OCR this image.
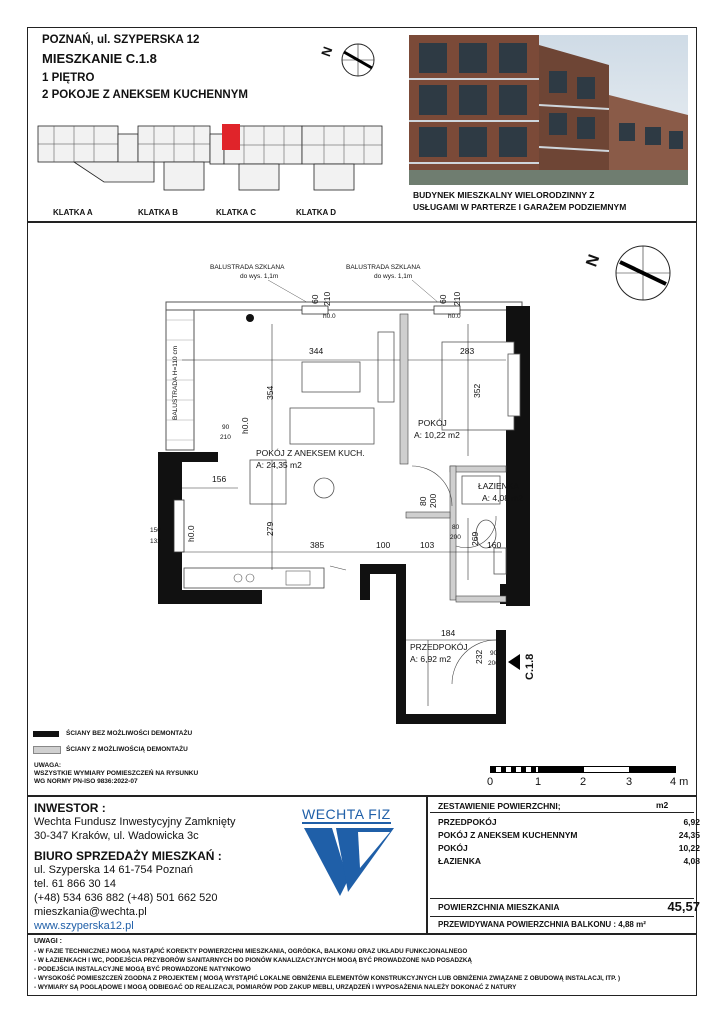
POZNAŃ, ul. SZYPERSKA 12
MIESZKANIE C.1.8
1 PIĘTRO
2 POKOJE Z ANEKSEM KUCHENNYM
N
KLATKA A	KLATKA B	KLATKA C	KLATKA D
BUDYNEK MIESZKALNY WIELORODZINNY Z
USŁUGAMI W PARTERZE I GARAŻEM PODZIEMNYM
N
BALUSTRADA SZKLANA
do wys. 1,1m
BALUSTRADA SZKLANA
do wys. 1,1m
BALUSTRADA H=110 cm
POKÓJ Z ANEKSEM KUCH.
A: 24,35 m2
POKÓJ
A: 10,22 m2
ŁAZIENKA
A: 4,08 m2
PRZEDPOKÓJ
A: 6,92 m2
344	283
354	352
156
279
385	100	103	160
269
184
232
60 210	60 210
h0.0	h0.0
90
210
h0.0
80 200
80
200
90
200
150
132	h0.0
C.1.8
ŚCIANY BEZ MOŻLIWOŚCI DEMONTAŻU
ŚCIANY Z MOŻLIWOŚCIĄ DEMONTAŻU
UWAGA:
WSZYSTKIE WYMIARY POMIESZCZEŃ NA RYSUNKU
WG NORMY PN-ISO 9836:2022-07	0	1	2	3	4 m
INWESTOR :
Wechta Fundusz Inwestycyjny Zamknięty
30-347 Kraków, ul. Wadowicka 3c
BIURO SPRZEDAŻY MIESZKAŃ :
ul. Szyperska 14 61-754 Poznań
tel. 61 866 30 14
(+48) 534 636 882 (+48) 501 662 520
mieszkania@wechta.pl
www.szyperska12.pl
WECHTA FIZ	ZESTAWIENIE POWIERZCHNI;	m2
PRZEDPOKÓJ	6,92
POKÓJ Z ANEKSEM KUCHENNYM	24,35
POKÓJ	10,22
ŁAZIENKA	4,08
POWIERZCHNIA MIESZKANIA	45,57
PRZEWIDYWANA POWIERZCHNIA BALKONU : 4,88 m²
UWAGI :
- W FAZIE TECHNICZNEJ MOGĄ NASTĄPIĆ KOREKTY POWIERZCHNI MIESZKANIA, OGRÓDKA, BALKONU ORAZ UKŁADU FUNKCJONALNEGO
- W ŁAZIENKACH I WC, PODEJŚCIA PRZYBORÓW SANITARNYCH DO PIONÓW KANALIZACYJNYCH MOGĄ BYĆ PROWADZONE NAD POSADZKĄ
- PODEJŚCIA INSTALACYJNE MOGĄ BYĆ PROWADZONE NATYNKOWO
- WYSOKOŚĆ POMIESZCZEŃ ZGODNA Z PROJEKTEM ( MOGĄ WYSTĄPIĆ LOKALNE OBNIŻENIA ELEMENTÓW KONSTRUKCYJNYCH LUB OBNIŻENIA ZWIĄZANE Z OBUDOWĄ INSTALACJI, ITP. )
- WYMIARY SĄ POGLĄDOWE I MOGĄ ODBIEGAĆ OD REALIZACJI, POMIARÓW POD ZAKUP MEBLI, URZĄDZEŃ I WYPOSAŻENIA NALEŻY DOKONAĆ Z NATURY
